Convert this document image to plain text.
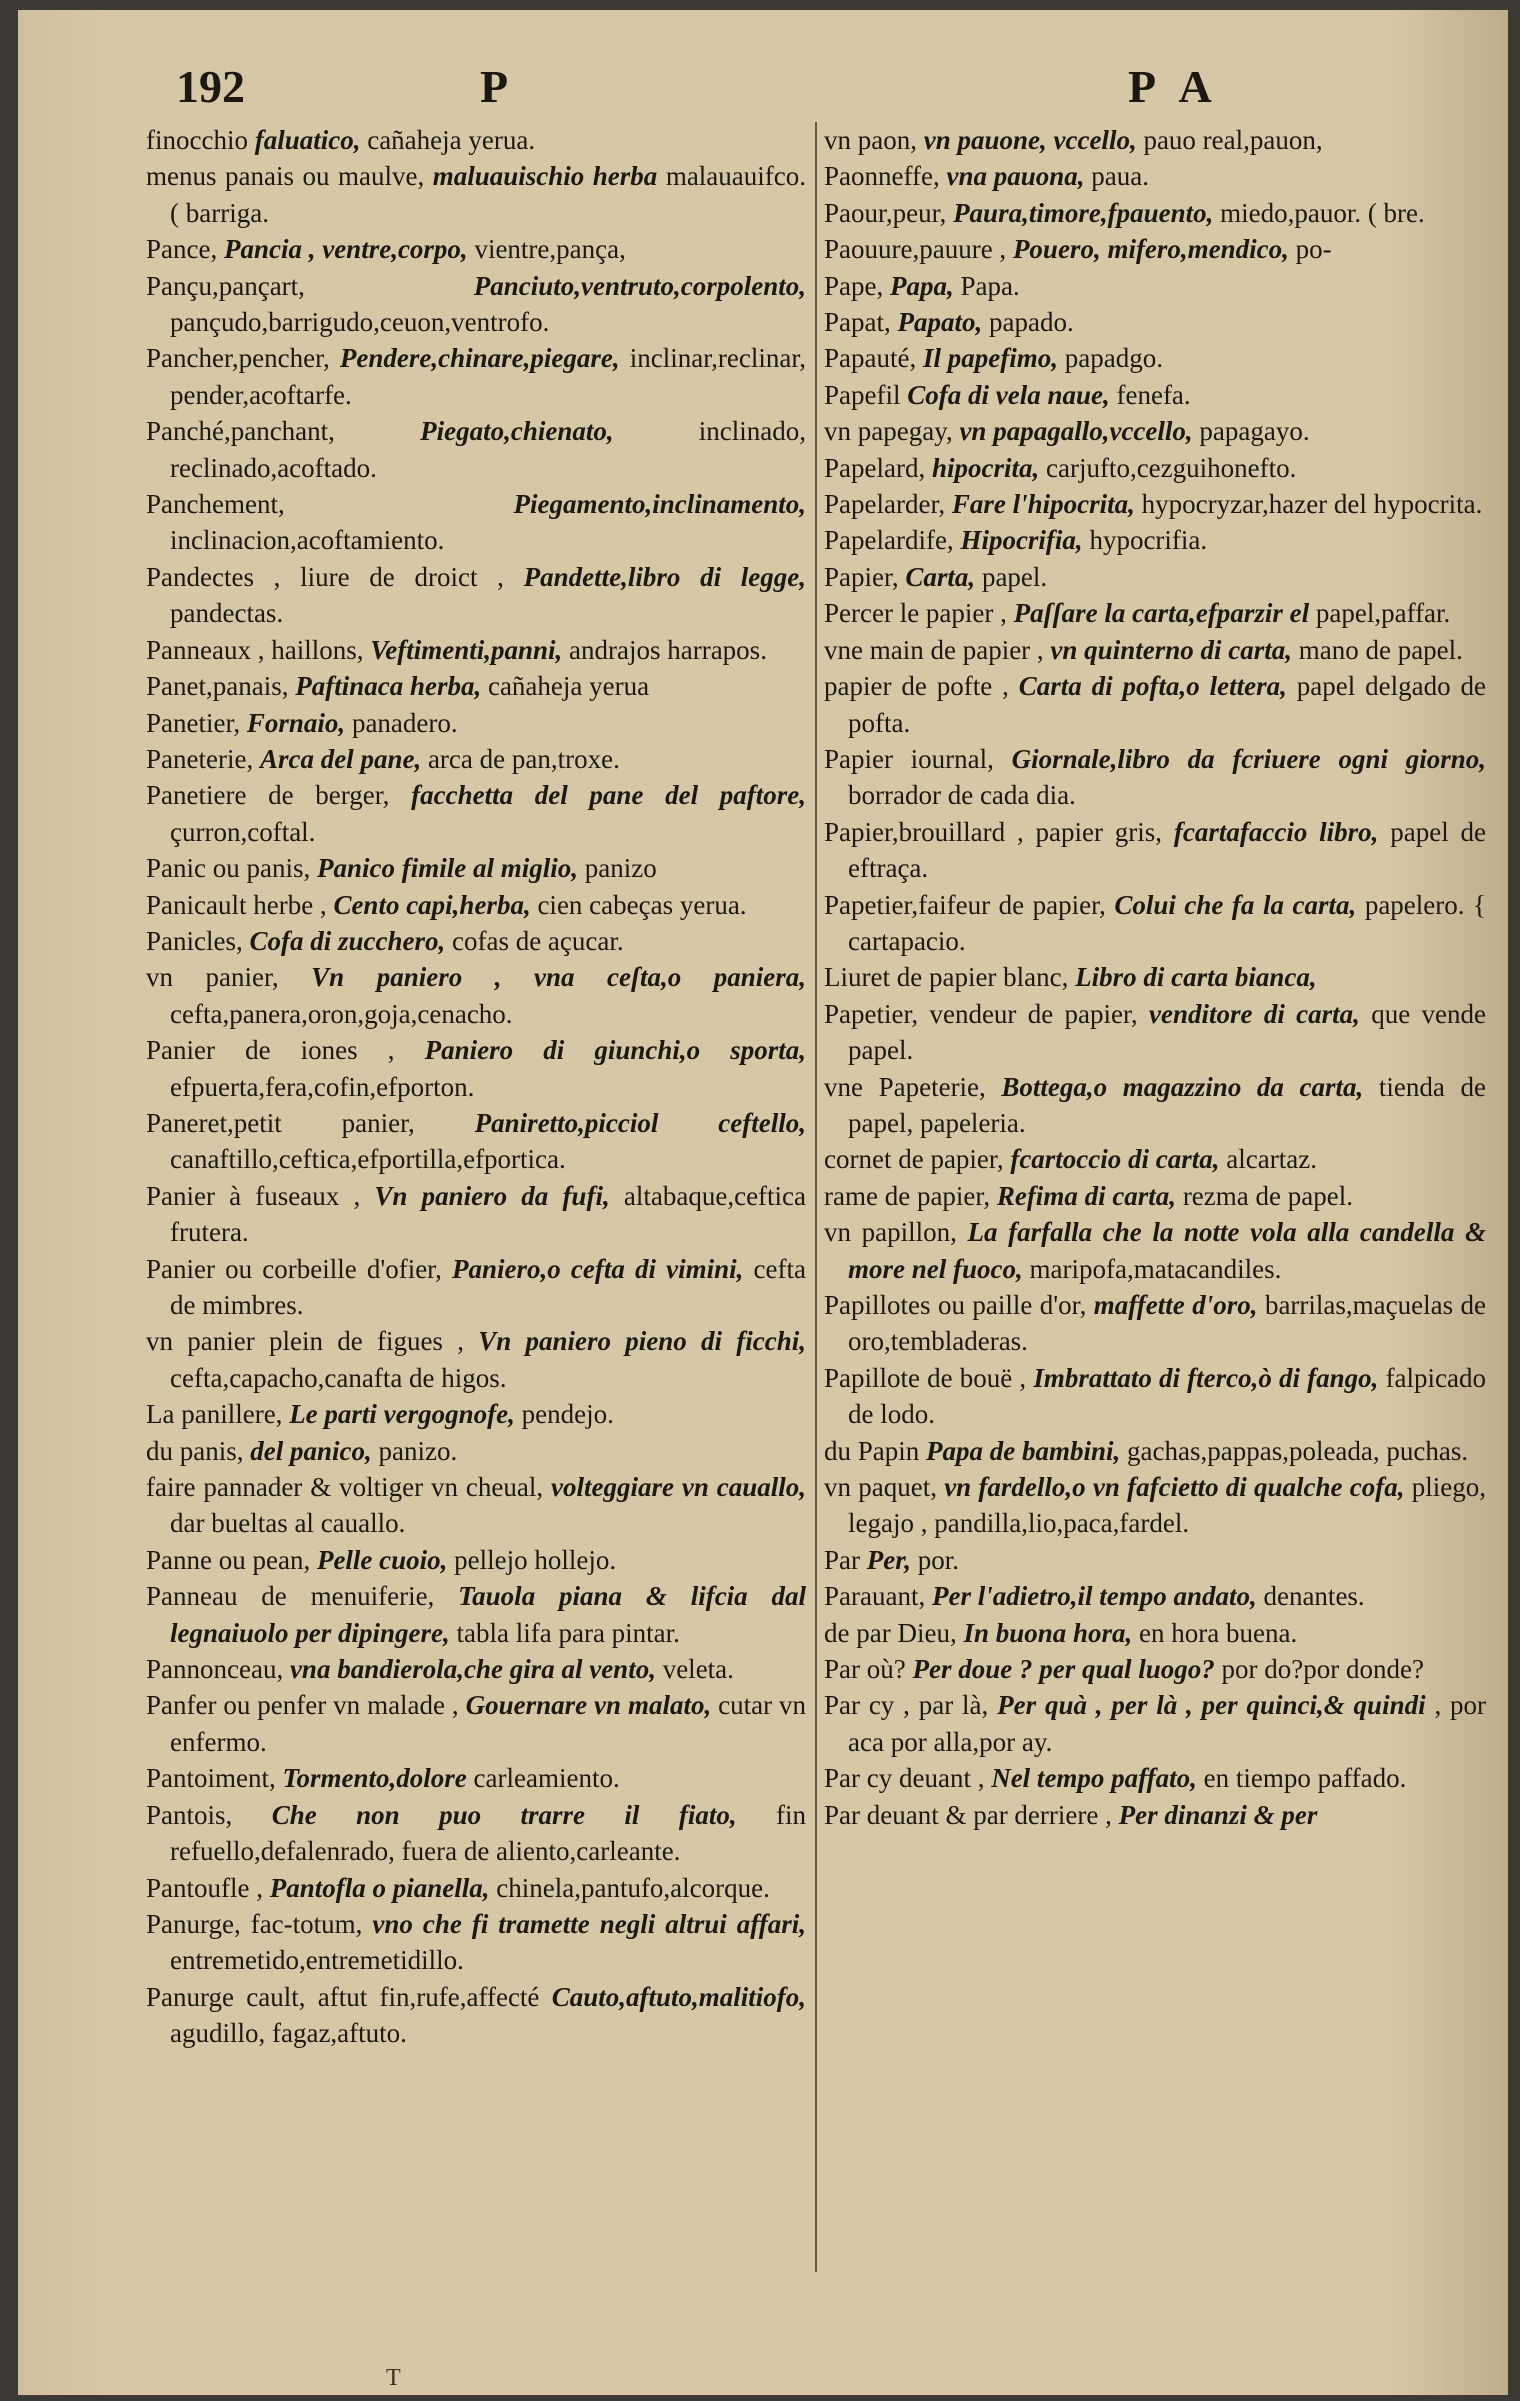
192	P	P A
finocchio faluatico, cañaheja yerua.
menus panais ou maulve, maluauischio herba malauauifco. ( barriga.
Pance, Pancia , ventre,corpo, vientre,pança,
Pançu,pançart,	Panciuto,ventruto,corpolento, pançudo,barrigudo,ceuon,ventrofo.
Pancher,pencher, Pendere,chinare,piegare, inclinar,reclinar, pender,acoftarfe.
Panché,panchant,	Piegato,chienato,	inclinado, reclinado,acoftado.
Panchement,	Piegamento,inclinamento, inclinacion,acoftamiento.
Pandectes , liure de droict , Pandette,libro di legge, pandectas.
Panneaux , haillons, Veftimenti,panni, andrajos harrapos.
Panet,panais, Paftinaca herba, cañaheja yerua
Panetier, Fornaio, panadero.
Paneterie, Arca del pane, arca de pan,troxe.
Panetiere de berger, facchetta del pane del paftore, çurron,coftal.
Panic ou panis, Panico fimile al miglio, panizo
Panicault herbe , Cento capi,herba, cien cabeças yerua.
Panicles, Cofa di zucchero, cofas de açucar.
vn panier, Vn paniero , vna ceſta,o paniera, cefta,panera,oron,goja,cenacho.
Panier de iones , Paniero di giunchi,o sporta, efpuerta,fera,cofin,efporton.
Paneret,petit panier, Paniretto,picciol ceftello, canaftillo,ceftica,efportilla,efportica.
Panier à fuseaux , Vn paniero da fufi, altabaque,ceftica frutera.
Panier ou corbeille d'ofier, Paniero,o cefta di vimini, cefta de mimbres.
vn panier plein de figues , Vn paniero pieno di ficchi, cefta,capacho,canafta de higos.
La panillere, Le parti vergognofe, pendejo.
du panis, del panico, panizo.
faire pannader & voltiger vn cheual, volteggiare vn cauallo, dar bueltas al cauallo.
Panne ou pean, Pelle cuoio, pellejo hollejo.
Panneau de menuiferie, Tauola piana & lifcia dal legnaiuolo per dipingere, tabla lifa para pintar.
Pannonceau, vna bandierola,che gira al vento, veleta.
Panfer ou penfer vn malade , Gouernare vn malato, cutar vn enfermo.
Pantoiment, Tormento,dolore carleamiento.
Pantois, Che non puo trarre il fiato, fin refuello,defalenrado, fuera de aliento,carleante.
Pantoufle , Pantofla o pianella, chinela,pantufo,alcorque.
Panurge, fac-totum, vno che fi tramette negli altrui affari, entremetido,entremetidillo.
Panurge cault, aftut fin,rufe,affecté Cauto,aftuto,malitiofo, agudillo, fagaz,aftuto.
vn paon, vn pauone, vccello, pauo real,pauon,
Paonneffe, vna pauona, paua.
Paour,peur, Paura,timore,fpauento, miedo,pauor. ( bre.
Paouure,pauure , Pouero, mifero,mendico, po-
Pape, Papa, Papa.
Papat, Papato, papado.
Papauté, Il papefimo, papadgo.
Papefil Cofa di vela naue, fenefa.
vn papegay, vn papagallo,vccello, papagayo.
Papelard, hipocrita, carjufto,cezguihonefto.
Papelarder, Fare l'hipocrita, hypocryzar,hazer del hypocrita.
Papelardife, Hipocrifia, hypocrifia.
Papier, Carta, papel.
Percer le papier , Paſſare la carta,efparzir el papel,paffar.
vne main de papier , vn quinterno di carta, mano de papel.
papier de pofte , Carta di pofta,o lettera, papel delgado de pofta.
Papier iournal, Giornale,libro da fcriuere ogni giorno, borrador de cada dia.
Papier,brouillard , papier gris, fcartafaccio libro, papel de eftraça.
Papetier,faifeur de papier, Colui che fa la carta, papelero. { cartapacio.
Liuret de papier blanc, Libro di carta bianca,
Papetier, vendeur de papier, venditore di carta, que vende papel.
vne Papeterie, Bottega,o magazzino da carta, tienda de papel, papeleria.
cornet de papier, fcartoccio di carta, alcartaz.
rame de papier, Refima di carta, rezma de papel.
vn papillon, La farfalla che la notte vola alla candella & more nel fuoco, maripofa,matacandiles.
Papillotes ou paille d'or, maffette d'oro, barrilas,maçuelas de oro,tembladeras.
Papillote de bouë , Imbrattato di fterco,ò di fango, falpicado de lodo.
du Papin Papa de bambini, gachas,pappas,poleada, puchas.
vn paquet, vn fardello,o vn fafcietto di qualche cofa, pliego, legajo , pandilla,lio,paca,fardel.
Par Per, por.
Parauant, Per l'adietro,il tempo andato, denantes.
de par Dieu, In buona hora, en hora buena.
Par où? Per doue ? per qual luogo? por do?por donde?
Par cy , par là, Per quà , per là , per quinci,& quindi , por aca por alla,por ay.
Par cy deuant , Nel tempo paffato, en tiempo paffado.
Par deuant & par derriere , Per dinanzi & per
T
